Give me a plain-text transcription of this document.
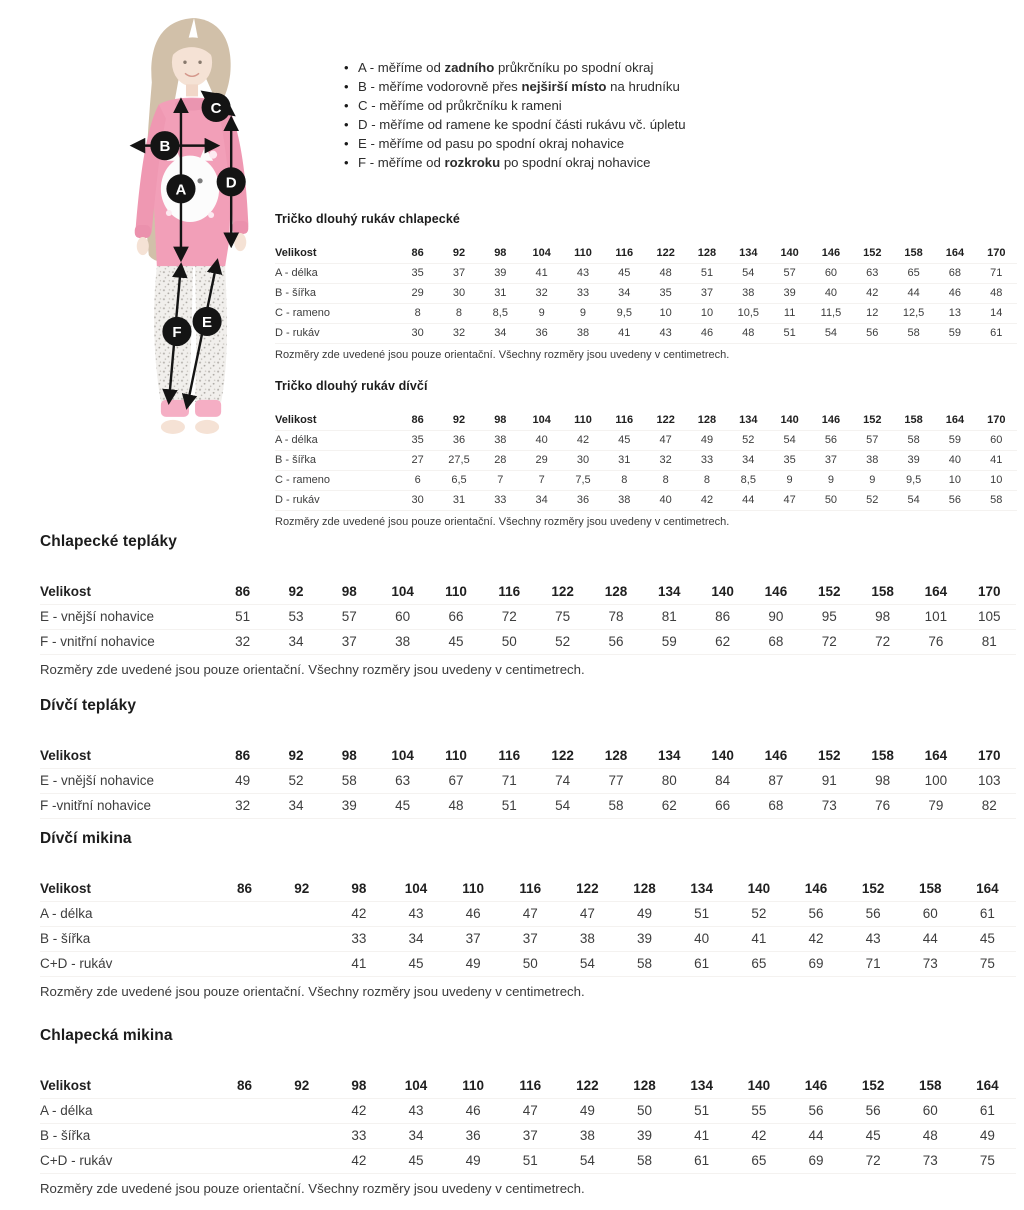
A
B
C
D
E
F
• A - měříme od zadního průkrčníku po spodní okraj
• B - měříme vodorovně přes nejširší místo na hrudníku
• C - měříme od průkrčníku k rameni
• D - měříme od ramene ke spodní části rukávu vč. úpletu
• E - měříme od pasu po spodní okraj nohavice
• F - měříme od rozkroku po spodní okraj nohavice
Tričko dlouhý rukáv chlapecké
Velikost	86	92	98	104	110	116	122	128	134	140	146	152	158	164	170
A - délka	35	37	39	41	43	45	48	51	54	57	60	63	65	68	71
B - šířka	29	30	31	32	33	34	35	37	38	39	40	42	44	46	48
C - rameno	8	8	8,5	9	9	9,5	10	10	10,5	11	11,5	12	12,5	13	14
D - rukáv	30	32	34	36	38	41	43	46	48	51	54	56	58	59	61
Rozměry zde uvedené jsou pouze orientační. Všechny rozměry jsou uvedeny v centimetrech.
Tričko dlouhý rukáv dívčí
Velikost	86	92	98	104	110	116	122	128	134	140	146	152	158	164	170
A - délka	35	36	38	40	42	45	47	49	52	54	56	57	58	59	60
B - šířka	27	27,5	28	29	30	31	32	33	34	35	37	38	39	40	41
C - rameno	6	6,5	7	7	7,5	8	8	8	8,5	9	9	9	9,5	10	10
D - rukáv	30	31	33	34	36	38	40	42	44	47	50	52	54	56	58
Rozměry zde uvedené jsou pouze orientační. Všechny rozměry jsou uvedeny v centimetrech.
Chlapecké tepláky
Velikost	86	92	98	104	110	116	122	128	134	140	146	152	158	164	170
E - vnější nohavice	51	53	57	60	66	72	75	78	81	86	90	95	98	101	105
F - vnitřní nohavice	32	34	37	38	45	50	52	56	59	62	68	72	72	76	81
Rozměry zde uvedené jsou pouze orientační. Všechny rozměry jsou uvedeny v centimetrech.
Dívčí tepláky
Velikost	86	92	98	104	110	116	122	128	134	140	146	152	158	164	170
E - vnější nohavice	49	52	58	63	67	71	74	77	80	84	87	91	98	100	103
F -vnitřní nohavice	32	34	39	45	48	51	54	58	62	66	68	73	76	79	82
Dívčí mikina
Velikost	86	92	98	104	110	116	122	128	134	140	146	152	158	164
A - délka			42	43	46	47	47	49	51	52	56	56	60	61
B - šířka			33	34	37	37	38	39	40	41	42	43	44	45
C+D - rukáv			41	45	49	50	54	58	61	65	69	71	73	75
Rozměry zde uvedené jsou pouze orientační. Všechny rozměry jsou uvedeny v centimetrech.
Chlapecká mikina
Velikost	86	92	98	104	110	116	122	128	134	140	146	152	158	164
A - délka			42	43	46	47	49	50	51	55	56	56	60	61
B - šířka			33	34	36	37	38	39	41	42	44	45	48	49
C+D - rukáv			42	45	49	51	54	58	61	65	69	72	73	75
Rozměry zde uvedené jsou pouze orientační. Všechny rozměry jsou uvedeny v centimetrech.
